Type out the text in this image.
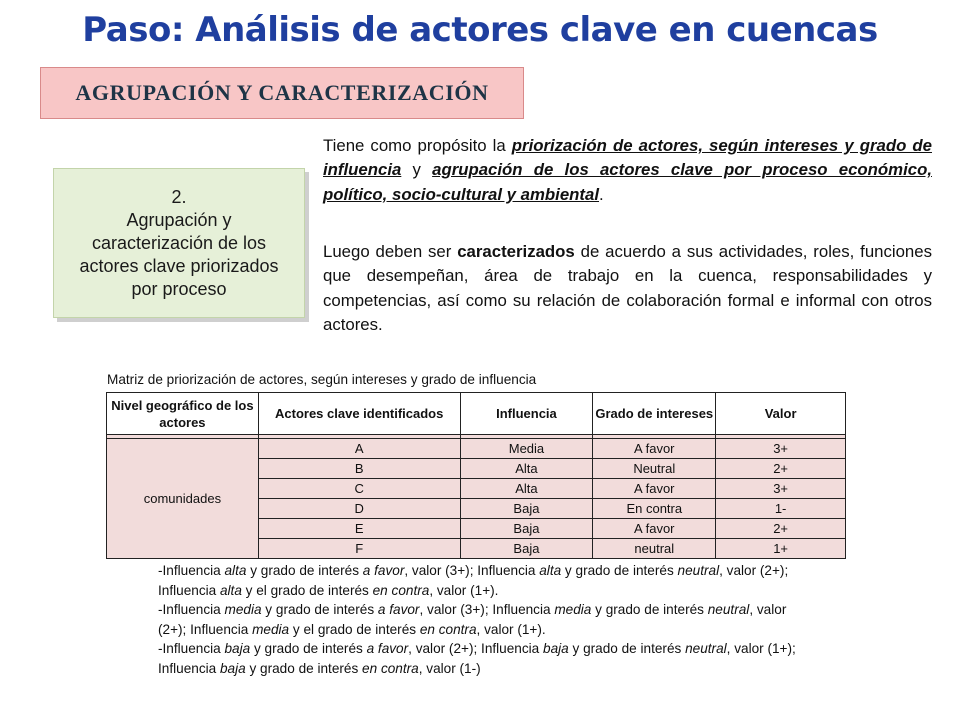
Paso: Análisis de actores clave en cuencas
AGRUPACIÓN Y CARACTERIZACIÓN
2.
Agrupación y
caracterización de los
actores clave priorizados
por proceso

Tiene como propósito la priorización de actores, según intereses y grado de influencia y agrupación de los actores clave por proceso económico, político, socio-cultural y ambiental.

Luego deben ser caracterizados de acuerdo a sus actividades, roles, funciones que desempeñan, área de trabajo en la cuenca, responsabilidades y competencias, así como su relación de colaboración formal e informal con otros actores.

Matriz de priorización de actores, según intereses y grado de influencia
Nivel geográfico de los actores	Actores clave identificados	Influencia	Grado de intereses	Valor

comunidades	A	Media	A favor	3+
	B	Alta	Neutral	2+
	C	Alta	A favor	3+
	D	Baja	En contra	1-
	E	Baja	A favor	2+
	F	Baja	neutral	1+
-Influencia alta y grado de interés a favor, valor (3+); Influencia alta y grado de interés neutral, valor (2+);
Influencia alta y el grado de interés en contra, valor (1+).
-Influencia media y grado de interés a favor, valor (3+); Influencia media y grado de interés neutral, valor
(2+); Influencia media y el grado de interés en contra, valor (1+).
-Influencia baja y grado de interés a favor, valor (2+); Influencia baja y grado de interés neutral, valor (1+);
Influencia baja y grado de interés en contra, valor (1-)
